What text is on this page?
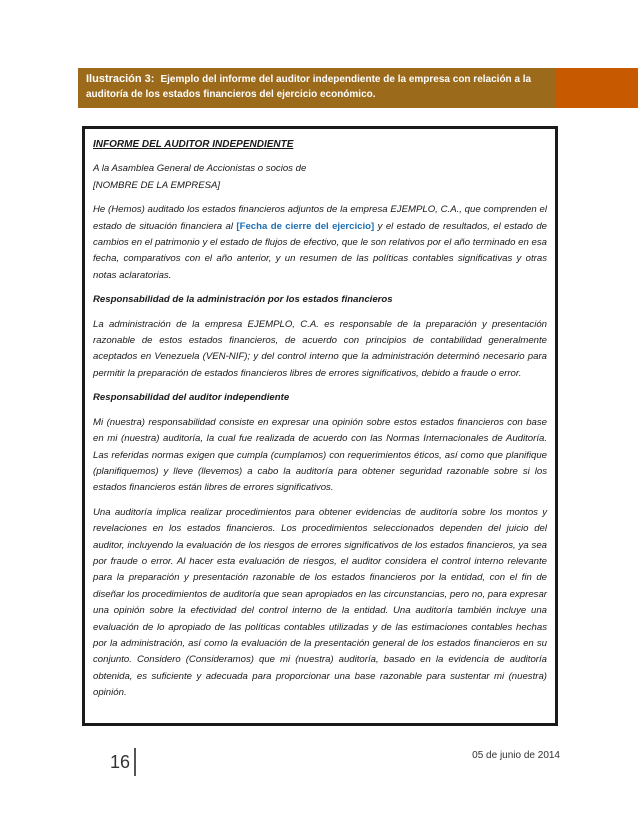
Ilustración 3: Ejemplo del informe del auditor independiente de la empresa con relación a la auditoría de los estados financieros del ejercicio económico.

INFORME DEL AUDITOR INDEPENDIENTE

A la Asamblea General de Accionistas o socios de
[NOMBRE DE LA EMPRESA]

He (Hemos) auditado los estados financieros adjuntos de la empresa EJEMPLO, C.A., que comprenden el estado de situación financiera al [Fecha de cierre del ejercicio] y el estado de resultados, el estado de cambios en el patrimonio y el estado de flujos de efectivo, que le son relativos por el año terminado en esa fecha, comparativos con el año anterior, y un resumen de las políticas contables significativas y otras notas aclaratorias.

Responsabilidad de la administración por los estados financieros

La administración de la empresa EJEMPLO, C.A. es responsable de la preparación y presentación razonable de estos estados financieros, de acuerdo con principios de contabilidad generalmente aceptados en Venezuela (VEN-NIF); y del control interno que la administración determinó necesario para permitir la preparación de estados financieros libres de errores significativos, debido a fraude o error.

Responsabilidad del auditor independiente

Mi (nuestra) responsabilidad consiste en expresar una opinión sobre estos estados financieros con base en mi (nuestra) auditoría, la cual fue realizada de acuerdo con las Normas Internacionales de Auditoría. Las referidas normas exigen que cumpla (cumplamos) con requerimientos éticos, así como que planifique (planifiquemos) y lleve (llevemos) a cabo la auditoría para obtener seguridad razonable sobre si los estados financieros están libres de errores significativos.

Una auditoría implica realizar procedimientos para obtener evidencias de auditoría sobre los montos y revelaciones en los estados financieros. Los procedimientos seleccionados dependen del juicio del auditor, incluyendo la evaluación de los riesgos de errores significativos de los estados financieros, ya sea por fraude o error. Al hacer esta evaluación de riesgos, el auditor considera el control interno relevante para la preparación y presentación razonable de los estados financieros por la entidad, con el fin de diseñar los procedimientos de auditoría que sean apropiados en las circunstancias, pero no, para expresar una opinión sobre la efectividad del control interno de la entidad. Una auditoría también incluye una evaluación de lo apropiado de las políticas contables utilizadas y de las estimaciones contables hechas por la administración, así como la evaluación de la presentación general de los estados financieros en su conjunto. Considero (Consideramos) que mi (nuestra) auditoría, basado en la evidencia de auditoría obtenida, es suficiente y adecuada para proporcionar una base razonable para sustentar mi (nuestra) opinión.

16	05 de junio de 2014
